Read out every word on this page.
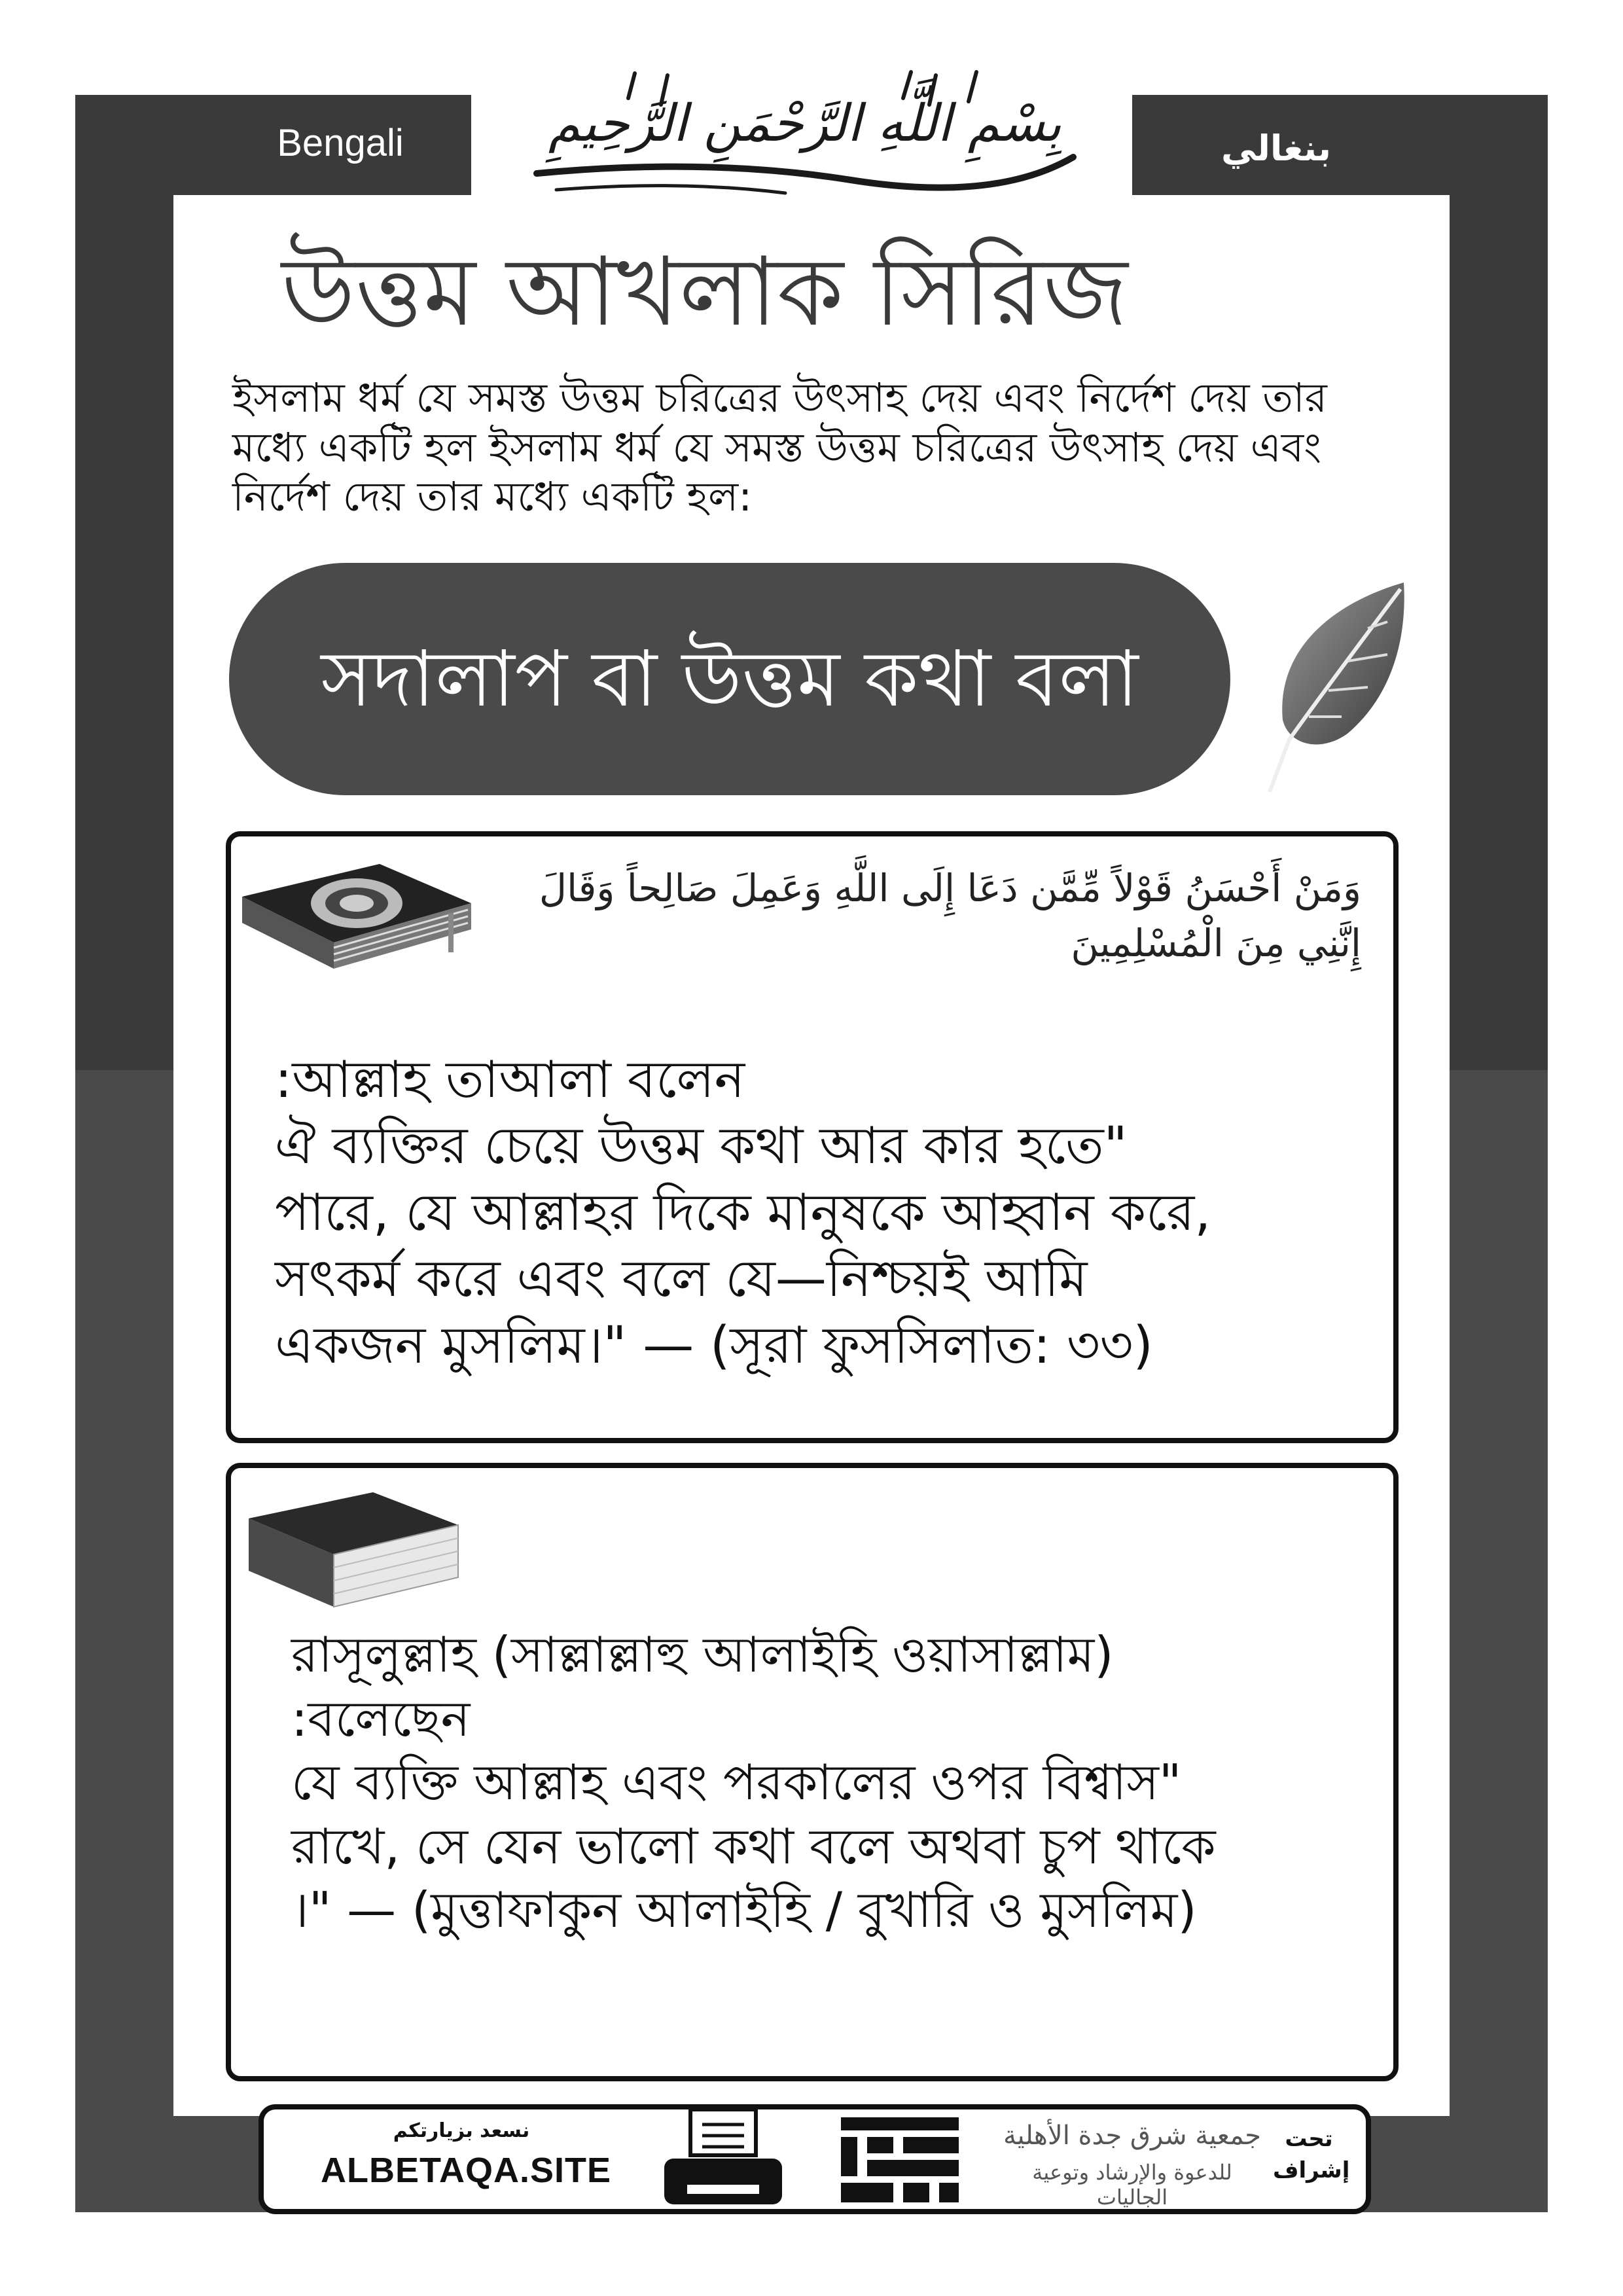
Bengali	بنغالي
بِسْمِ اللَّهِ الرَّحْمَنِ الرَّحِيمِ
উত্তম আখলাক সিরিজ
ইসলাম ধর্ম যে সমস্ত উত্তম চরিত্রের উৎসাহ দেয় এবং নির্দেশ দেয় তার মধ্যে একটি হল ইসলাম ধর্ম যে সমস্ত উত্তম চরিত্রের উৎসাহ দেয় এবং নির্দেশ দেয় তার মধ্যে একটি হল:
সদালাপ বা উত্তম কথা বলা
وَمَنْ أَحْسَنُ قَوْلاً مِّمَّن دَعَا إِلَى اللَّهِ وَعَمِلَ صَالِحاً وَقَالَ إِنَّنِي مِنَ الْمُسْلِمِينَ
:আল্লাহ তাআলা বলেন
ঐ ব্যক্তির চেয়ে উত্তম কথা আর কার হতে"
পারে, যে আল্লাহর দিকে মানুষকে আহ্বান করে,
সৎকর্ম করে এবং বলে যে—নিশ্চয়ই আমি
একজন মুসলিম।" — (সূরা ফুসসিলাত: ৩৩)
রাসূলুল্লাহ (সাল্লাল্লাহু আলাইহি ওয়াসাল্লাম)
:বলেছেন
যে ব্যক্তি আল্লাহ এবং পরকালের ওপর বিশ্বাস"
রাখে, সে যেন ভালো কথা বলে অথবা চুপ থাকে
।" — (মুত্তাফাকুন আলাইহি / বুখারি ও মুসলিম)
نسعد بزيارتكم
ALBETAQA.SITE
جمعية شرق جدة الأهلية
للدعوة والإرشاد وتوعية الجاليات
تحت إشراف
